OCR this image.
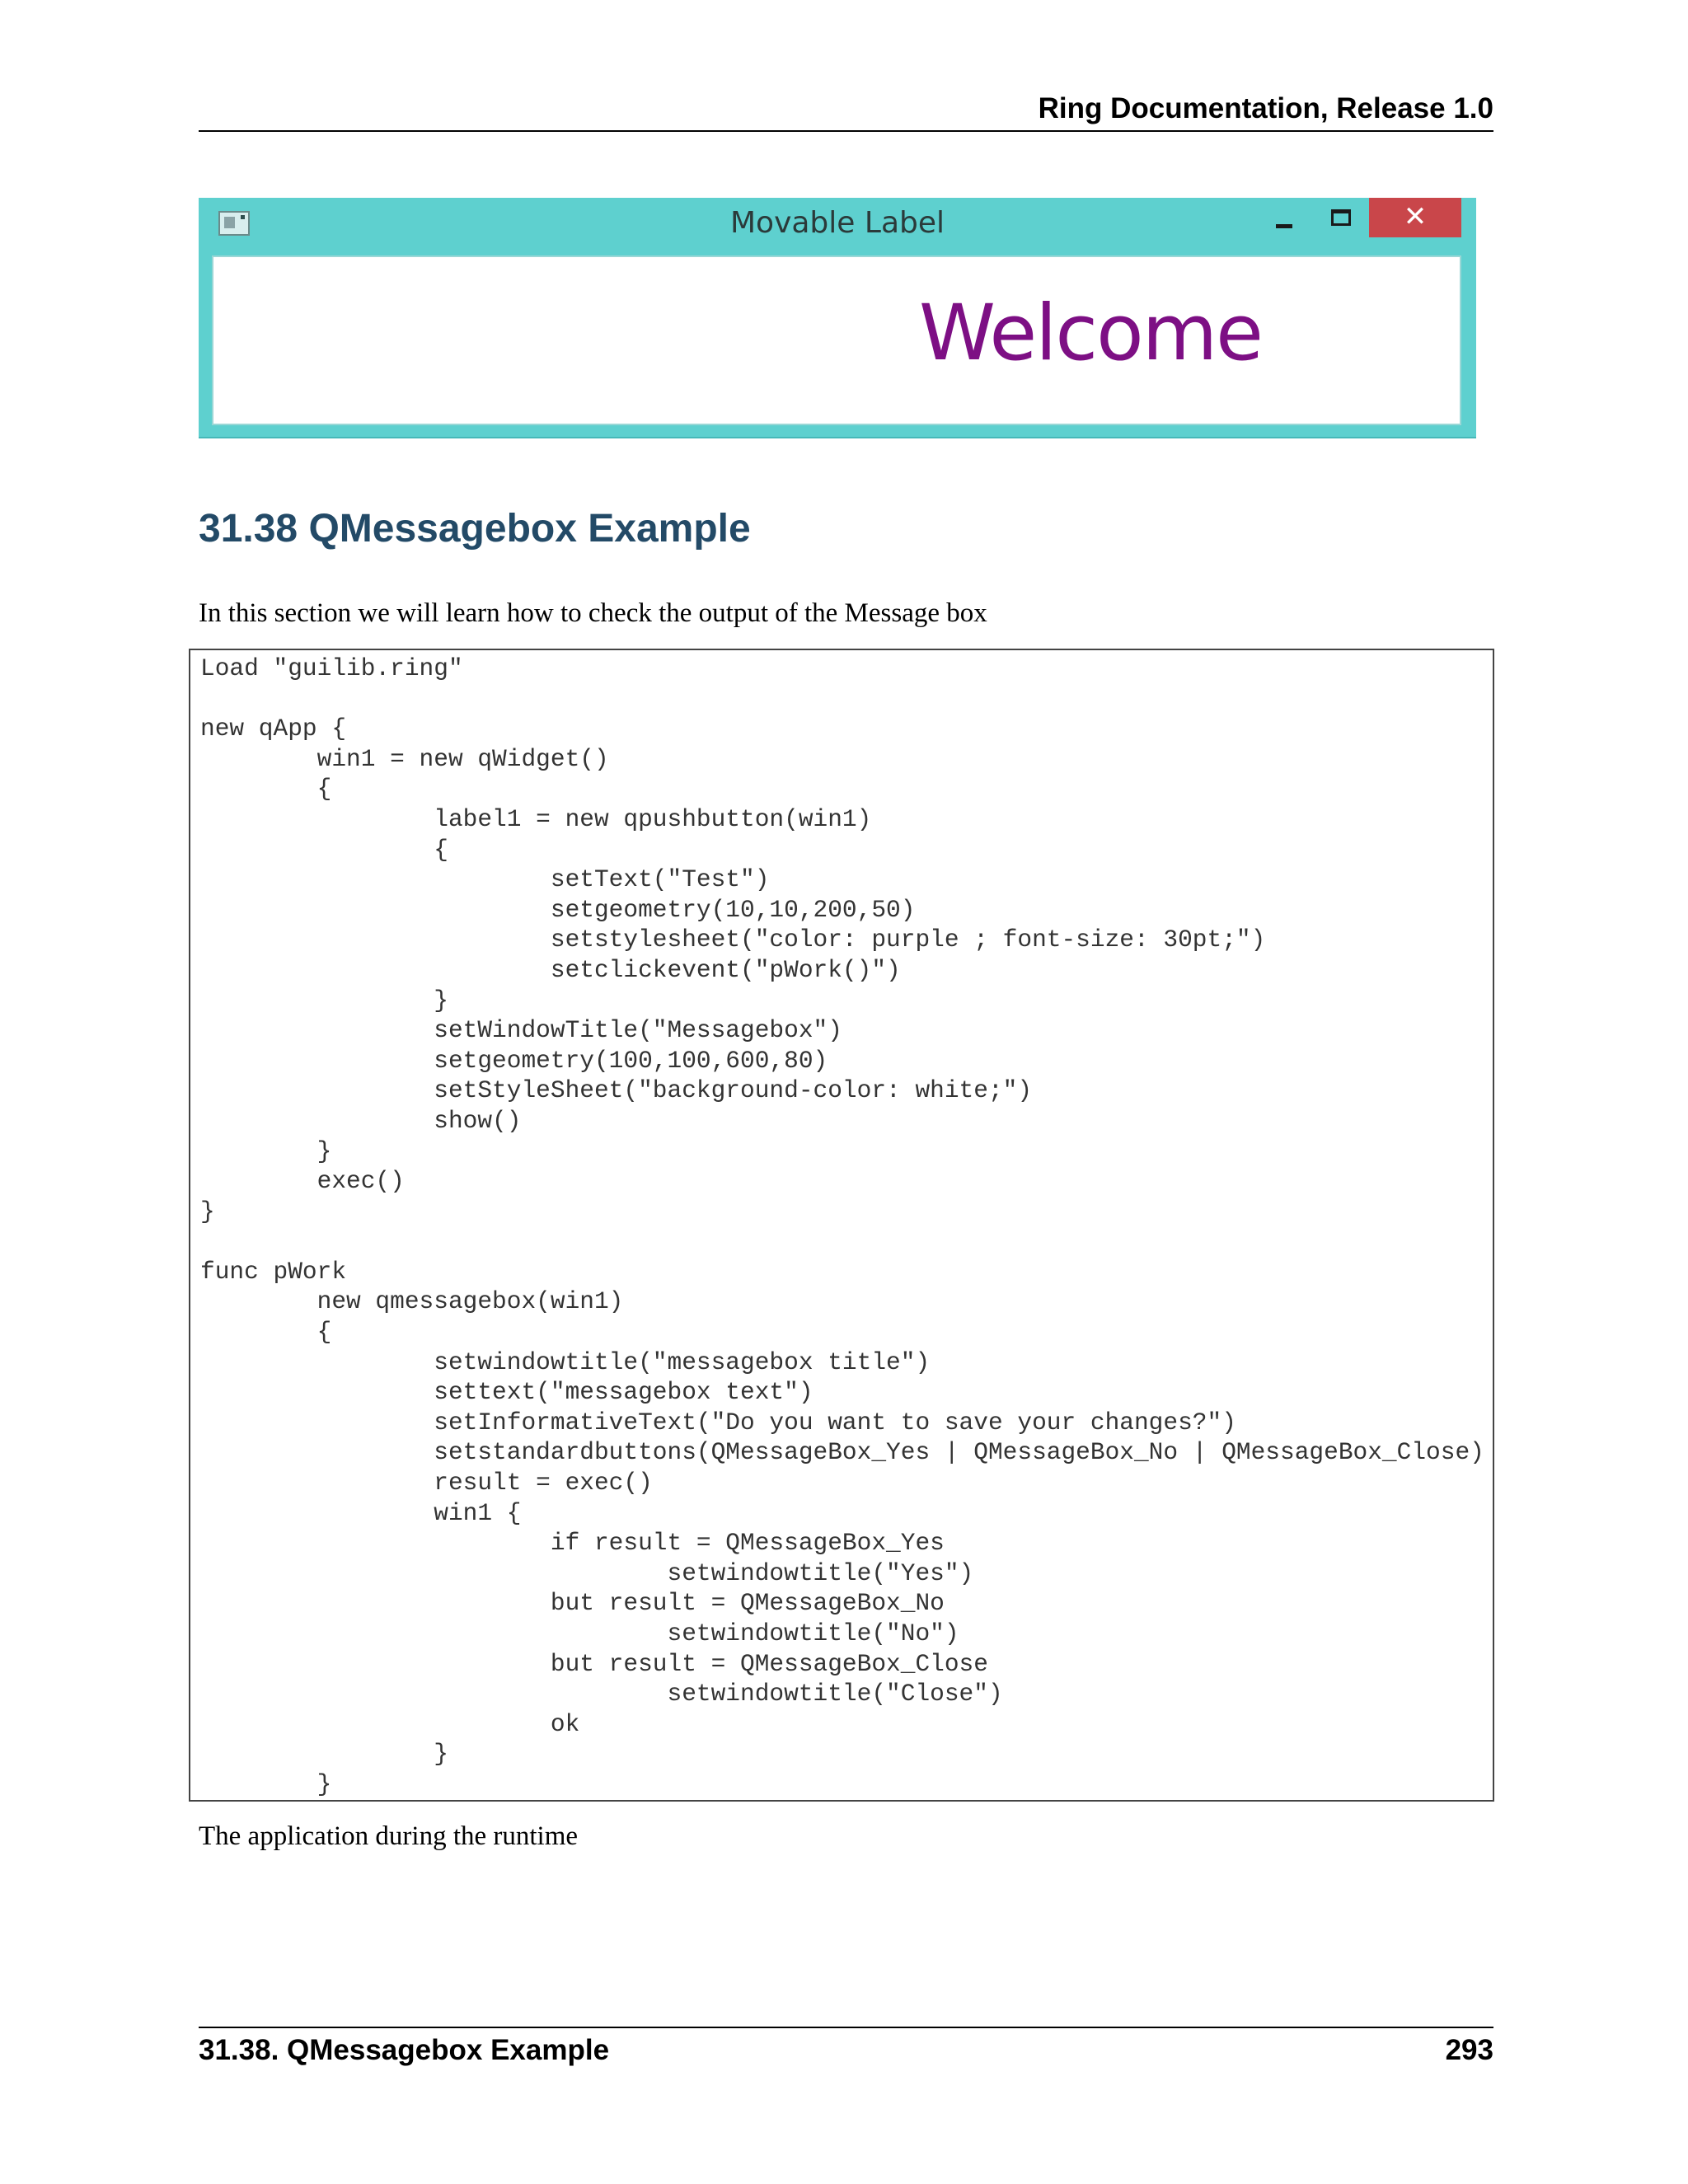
Ring Documentation, Release 1.0
Movable Label	✕
Welcome
31.38 QMessagebox Example
In this section we will learn how to check the output of the Message box
Load "guilib.ring"

new qApp {
win1 = new qWidget()
{
label1 = new qpushbutton(win1)
{
setText("Test")
setgeometry(10,10,200,50)
setstylesheet("color: purple ; font-size: 30pt;")
setclickevent("pWork()")
}
setWindowTitle("Messagebox")
setgeometry(100,100,600,80)
setStyleSheet("background-color: white;")
show()
}
exec()
}

func pWork
new qmessagebox(win1)
{
setwindowtitle("messagebox title")
settext("messagebox text")
setInformativeText("Do you want to save your changes?")
setstandardbuttons(QMessageBox_Yes | QMessageBox_No | QMessageBox_Close)
result = exec()
win1 {
if result = QMessageBox_Yes
setwindowtitle("Yes")
but result = QMessageBox_No
setwindowtitle("No")
but result = QMessageBox_Close
setwindowtitle("Close")
ok
}
}
The application during the runtime
31.38. QMessagebox Example	293
